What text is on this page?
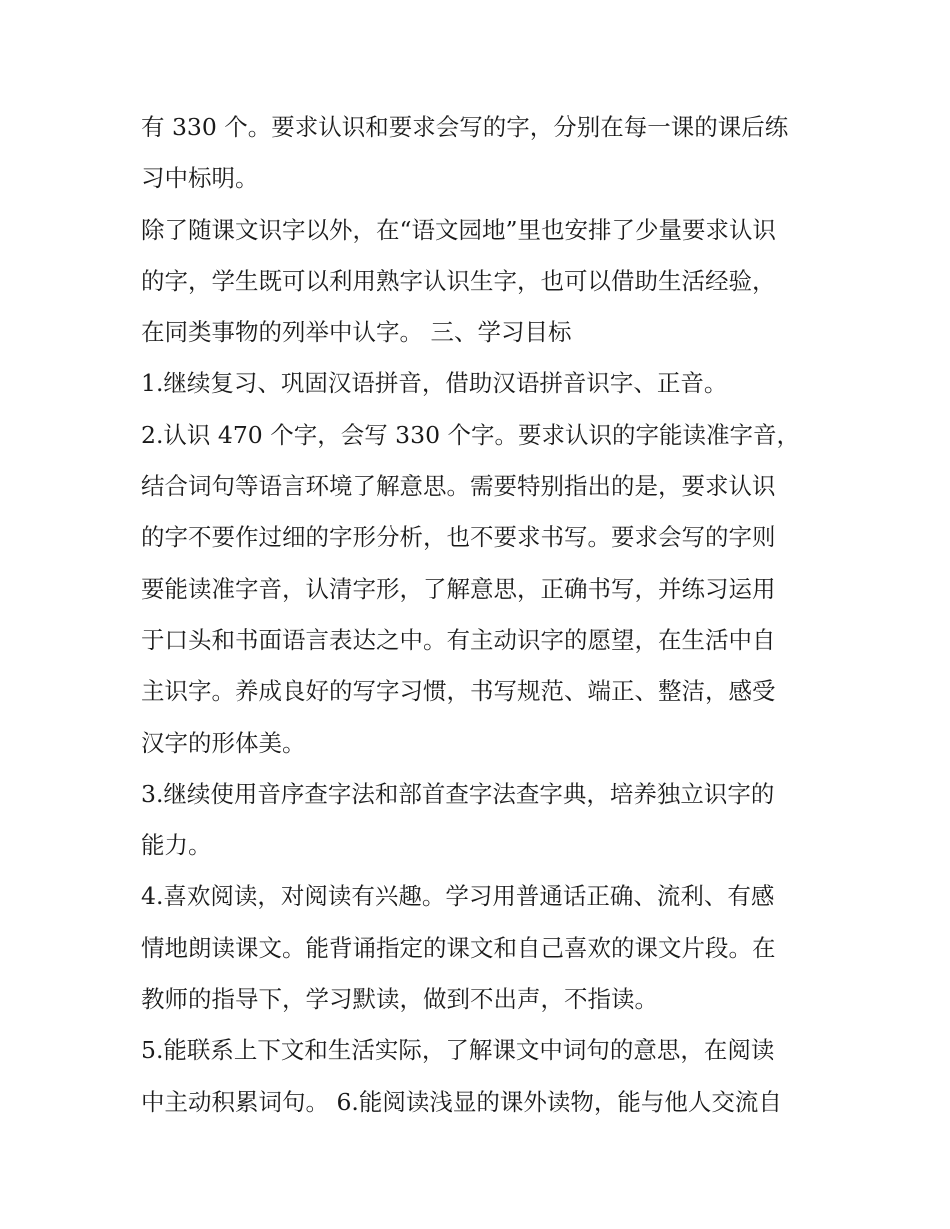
有 330 个。要求认识和要求会写的字，分别在每一课的课后练
习中标明。
除了随课文识字以外，在“语文园地”里也安排了少量要求认识
的字，学生既可以利用熟字认识生字，也可以借助生活经验，
在同类事物的列举中认字。 三、学习目标
1.继续复习、巩固汉语拼音，借助汉语拼音识字、正音。
2.认识 470 个字，会写 330 个字。要求认识的字能读准字音，
结合词句等语言环境了解意思。需要特别指出的是，要求认识
的字不要作过细的字形分析，也不要求书写。要求会写的字则
要能读准字音，认清字形，了解意思，正确书写，并练习运用
于口头和书面语言表达之中。有主动识字的愿望，在生活中自
主识字。养成良好的写字习惯，书写规范、端正、整洁，感受
汉字的形体美。
3.继续使用音序查字法和部首查字法查字典，培养独立识字的
能力。
4.喜欢阅读，对阅读有兴趣。学习用普通话正确、流利、有感
情地朗读课文。能背诵指定的课文和自己喜欢的课文片段。在
教师的指导下，学习默读，做到不出声，不指读。
5.能联系上下文和生活实际，了解课文中词句的意思，在阅读
中主动积累词句。 6.能阅读浅显的课外读物，能与他人交流自
